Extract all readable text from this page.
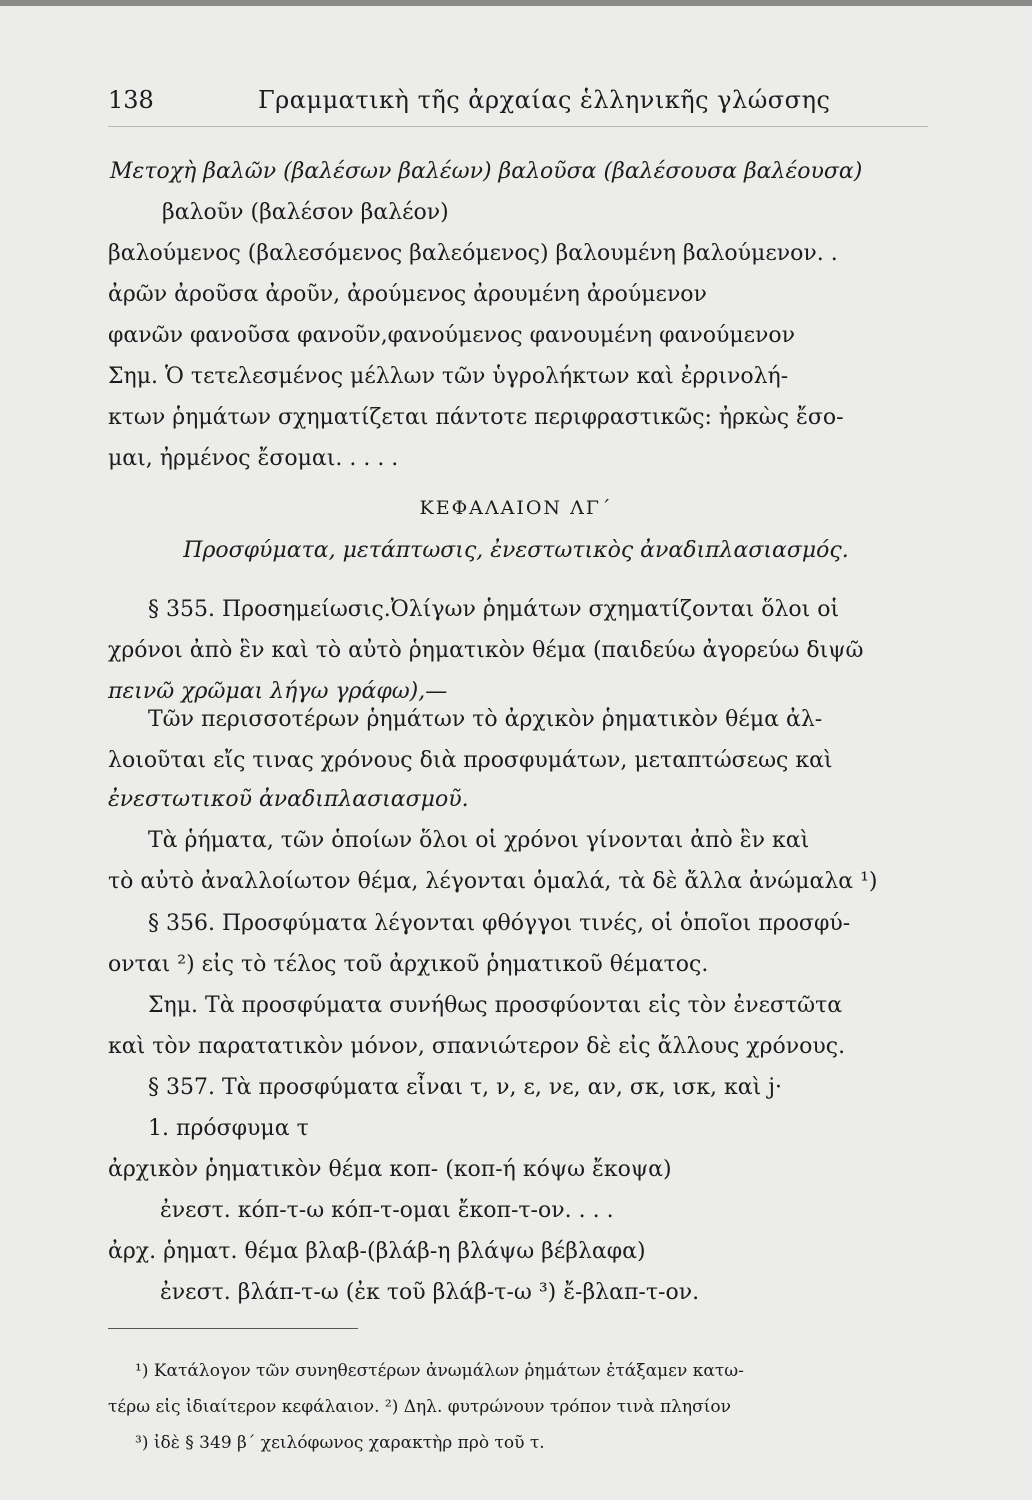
138	Γραμματικὴ τῆς ἀρχαίας ἑλληνικῆς γλώσσης
Μετοχὴ βαλῶν (βαλέσων βαλέων) βαλοῦσα (βαλέσουσα βαλέουσα)
βαλοῦν (βαλέσον βαλέον)
βαλούμενος (βαλεσόμενος βαλεόμενος) βαλουμένη βαλούμενον. .
ἀρῶν ἀροῦσα ἀροῦν, ἀρούμενος ἀρουμένη ἀρούμενον
φανῶν φανοῦσα φανοῦν,φανούμενος φανουμένη φανούμενον
Σημ. Ὁ τετελεσμένος μέλλων τῶν ὑγρολήκτων καὶ ἐρρινολή-
κτων ῥημάτων σχηματίζεται πάντοτε περιφραστικῶς: ἠρκὼς ἔσο-
μαι, ἠρμένος ἔσομαι. . . . .
ΚΕΦΑΛΑΙΟΝ ΛΓ΄
Προσφύματα, μετάπτωσις, ἐνεστωτικὸς ἀναδιπλασιασμός.
§ 355. Προσημείωσις.Ὀλίγων ῥημάτων σχηματίζονται ὅλοι οἱ
χρόνοι ἀπὸ ἓν καὶ τὸ αὐτὸ ῥηματικὸν θέμα (παιδεύω ἀγορεύω διψῶ
πεινῶ χρῶμαι λήγω γράφω),—
Τῶν περισσοτέρων ῥημάτων τὸ ἀρχικὸν ῥηματικὸν θέμα ἀλ-
λοιοῦται εἴς τινας χρόνους διὰ προσφυμάτων, μεταπτώσεως καὶ
ἐνεστωτικοῦ ἀναδιπλασιασμοῦ.
Τὰ ῥήματα, τῶν ὁποίων ὅλοι οἱ χρόνοι γίνονται ἀπὸ ἓν καὶ
τὸ αὐτὸ ἀναλλοίωτον θέμα, λέγονται ὁμαλά, τὰ δὲ ἄλλα ἀνώμαλα ¹)
§ 356. Προσφύματα λέγονται φθόγγοι τινές, οἱ ὁποῖοι προσφύ-
ονται ²) εἰς τὸ τέλος τοῦ ἀρχικοῦ ῥηματικοῦ θέματος.
Σημ. Τὰ προσφύματα συνήθως προσφύονται εἰς τὸν ἐνεστῶτα
καὶ τὸν παρατατικὸν μόνον, σπανιώτερον δὲ εἰς ἄλλους χρόνους.
§ 357. Τὰ προσφύματα εἶναι τ, ν, ε, νε, αν, σκ, ισκ, καὶ j·
1. πρόσφυμα τ
ἀρχικὸν ῥηματικὸν θέμα κοπ- (κοπ-ή κόψω ἔκοψα)
ἐνεστ. κόπ-τ-ω κόπ-τ-ομαι ἔκοπ-τ-ον. . . .
ἀρχ. ῥηματ. θέμα βλαβ-(βλάβ-η βλάψω βέβλαφα)
ἐνεστ. βλάπ-τ-ω (ἐκ τοῦ βλάβ-τ-ω ³) ἔ-βλαπ-τ-ον.
¹) Κατάλογον τῶν συνηθεστέρων ἀνωμάλων ῥημάτων ἐτάξαμεν κατω-
τέρω εἰς ἰδιαίτερον κεφάλαιον. ²) Δηλ. φυτρώνουν τρόπον τινὰ πλησίον
³) ἰδὲ § 349 β΄ χειλόφωνος χαρακτὴρ πρὸ τοῦ τ.
